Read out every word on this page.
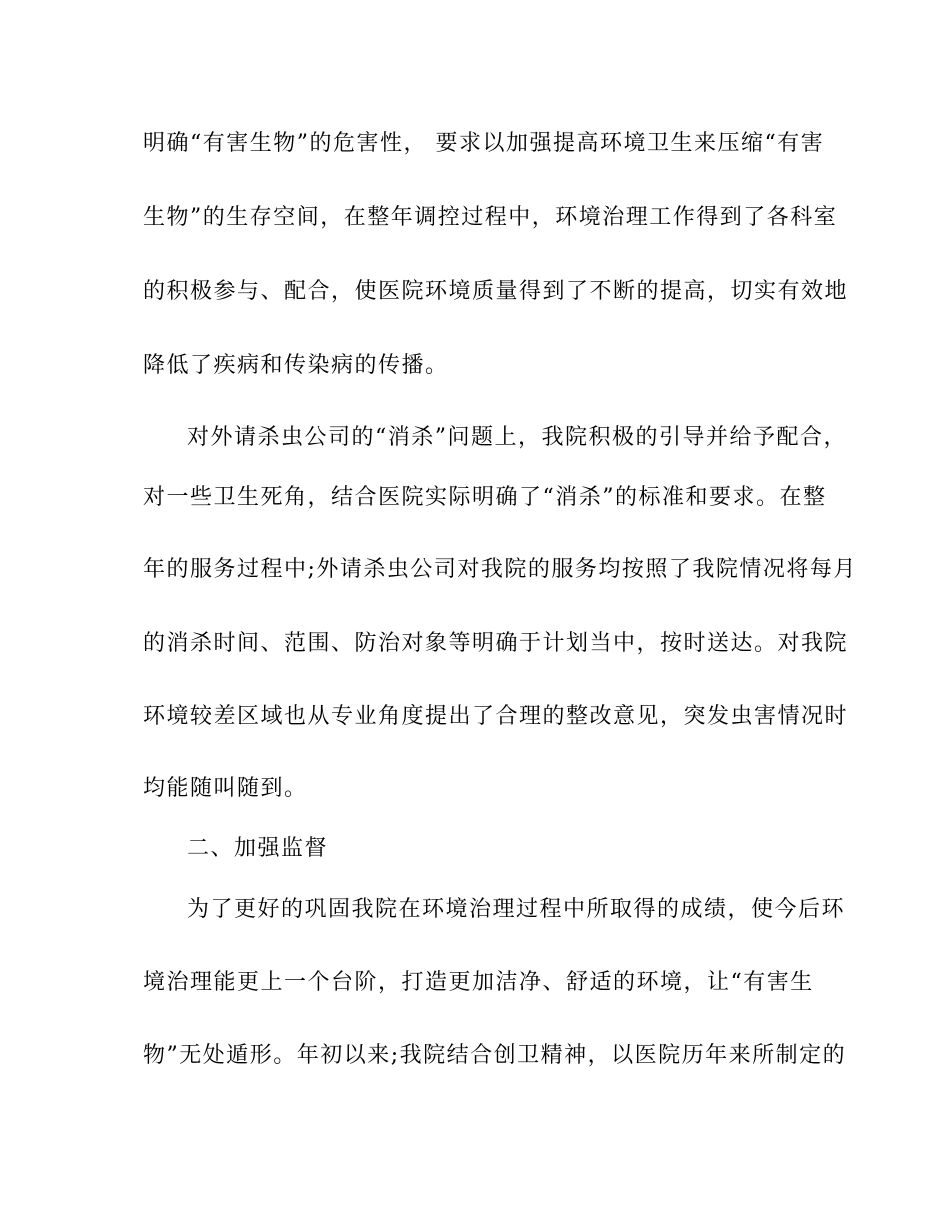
明确“有害生物”的危害性， 要求以加强提高环境卫生来压缩“有害
生物”的生存空间，在整年调控过程中，环境治理工作得到了各科室
的积极参与、配合，使医院环境质量得到了不断的提高，切实有效地
降低了疾病和传染病的传播。
对外请杀虫公司的“消杀”问题上，我院积极的引导并给予配合，
对一些卫生死角，结合医院实际明确了“消杀”的标准和要求。在整
年的服务过程中;外请杀虫公司对我院的服务均按照了我院情况将每月
的消杀时间、范围、防治对象等明确于计划当中，按时送达。对我院
环境较差区域也从专业角度提出了合理的整改意见，突发虫害情况时
均能随叫随到。
二、加强监督
为了更好的巩固我院在环境治理过程中所取得的成绩，使今后环
境治理能更上一个台阶，打造更加洁净、舒适的环境，让“有害生
物”无处遁形。年初以来;我院结合创卫精神，以医院历年来所制定的
